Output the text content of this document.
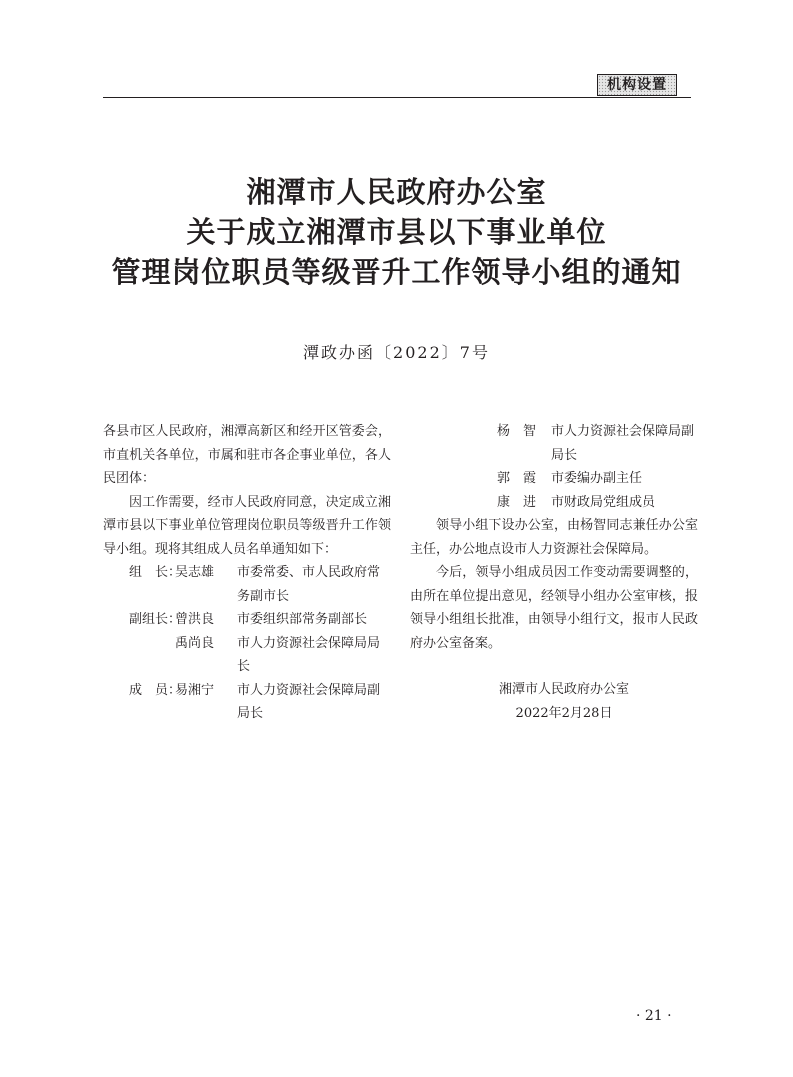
机构设置
湘潭市人民政府办公室
关于成立湘潭市县以下事业单位
管理岗位职员等级晋升工作领导小组的通知
潭政办函〔2022〕7号

各县市区人民政府，湘潭高新区和经开区管委会，市直机关各单位，市属和驻市各企事业单位，各人民团体：

因工作需要，经市人民政府同意，决定成立湘潭市县以下事业单位管理岗位职员等级晋升工作领导小组。现将其组成人员名单通知如下：

组　长：
吴志雄	市委常委、市人民政府常务副市长
副组长：
曾洪良	市委组织部常务副部长
禹尚良	市人力资源社会保障局局长
成　员：
易湘宁	市人力资源社会保障局副局长
杨　智	市人力资源社会保障局副局长
郭　霞	市委编办副主任
康　进	市财政局党组成员

领导小组下设办公室，由杨智同志兼任办公室主任，办公地点设市人力资源社会保障局。

今后，领导小组成员因工作变动需要调整的，由所在单位提出意见，经领导小组办公室审核，报领导小组组长批准，由领导小组行文，报市人民政府办公室备案。

湘潭市人民政府办公室
2022年2月28日
· 21 ·
